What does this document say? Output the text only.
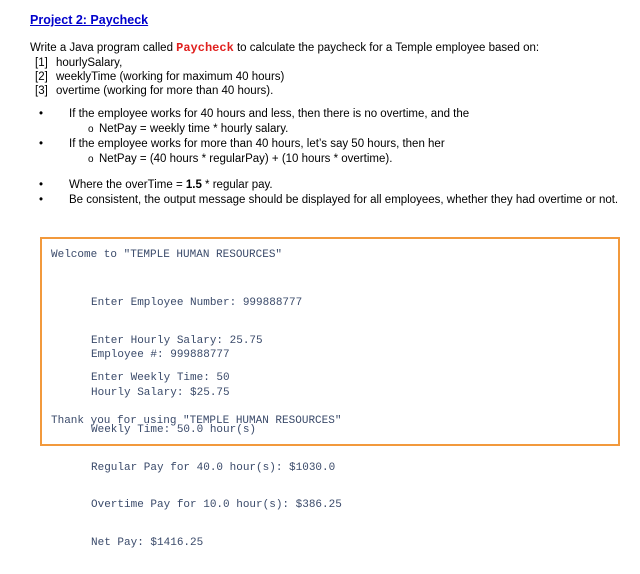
Project 2: Paycheck

Write a Java program called Paycheck to calculate the paycheck for a Temple employee based on:

[1] hourlySalary,
[2] weeklyTime (working for maximum 40 hours)
[3] overtime (working for more than 40 hours).
•	If the employee works for 40 hours and less, then there is no overtime, and the
o NetPay = weekly time * hourly salary.
•	If the employee works for more than 40 hours, let’s say 50 hours, then her
o NetPay = (40 hours * regularPay) + (10 hours * overtime).
•	Where the overTime = 1.5 * regular pay.
•	Be consistent, the output message should be displayed for all employees, whether they had overtime or not.
Welcome to "TEMPLE HUMAN RESOURCES"

Enter Employee Number: 999888777

Enter Hourly Salary: 25.75

Enter Weekly Time: 50

Employee #: 999888777

Hourly Salary: $25.75

Weekly Time: 50.0 hour(s)

Regular Pay for 40.0 hour(s): $1030.0

Overtime Pay for 10.0 hour(s): $386.25

Net Pay: $1416.25

Thank you for using "TEMPLE HUMAN RESOURCES"
